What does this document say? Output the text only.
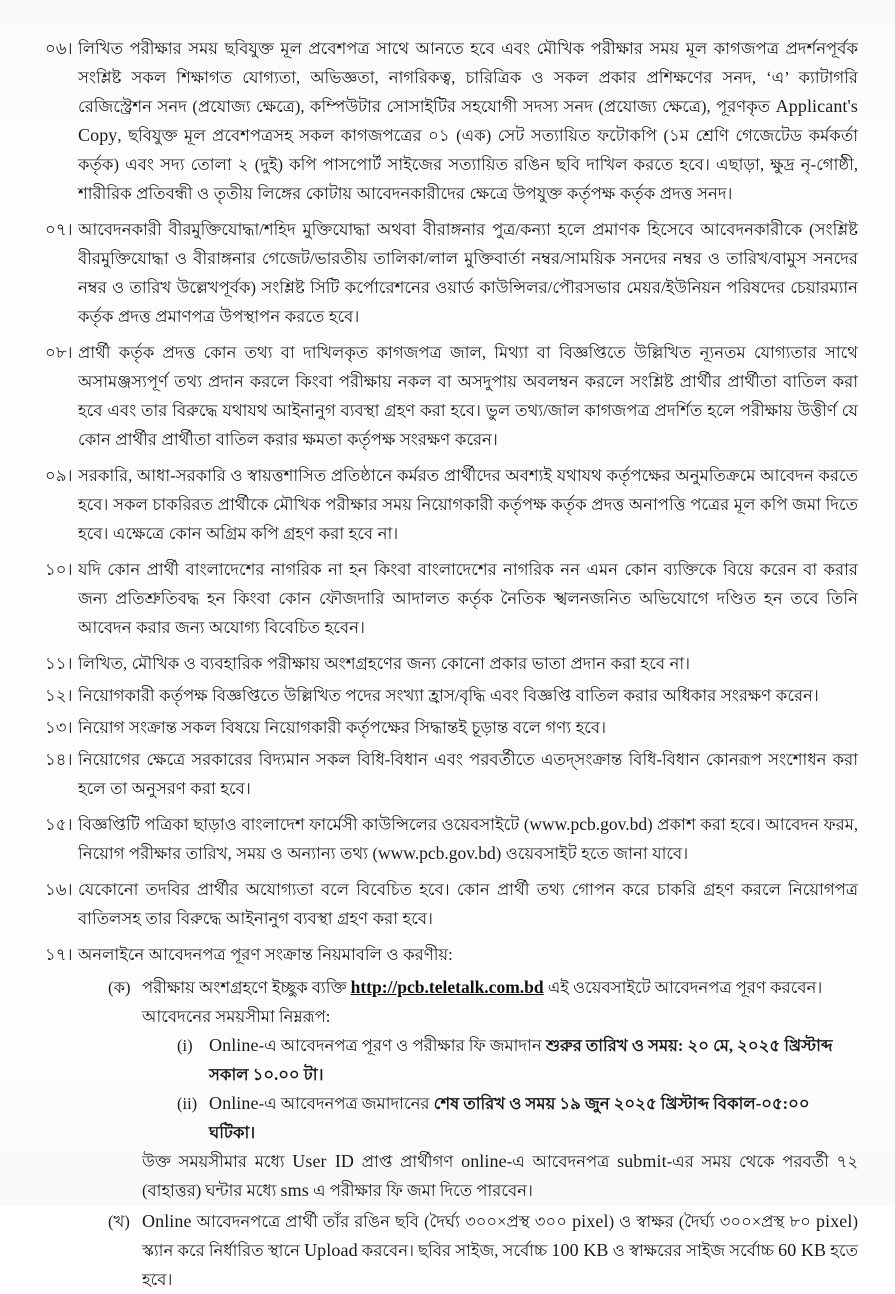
০৬। লিখিত পরীক্ষার সময় ছবিযুক্ত মূল প্রবেশপত্র সাথে আনতে হবে এবং মৌখিক পরীক্ষার সময় মূল কাগজপত্র প্রদর্শনপূর্বক সংশ্লিষ্ট সকল শিক্ষাগত যোগ্যতা, অভিজ্ঞতা, নাগরিকত্ব, চারিত্রিক ও সকল প্রকার প্রশিক্ষণের সনদ, ‘এ’ ক্যাটাগরি রেজিস্ট্রেশন সনদ (প্রযোজ্য ক্ষেত্রে), কম্পিউটার সোসাইটির সহযোগী সদস্য সনদ (প্রযোজ্য ক্ষেত্রে), পূরণকৃত Applicant's Copy, ছবিযুক্ত মূল প্রবেশপত্রসহ সকল কাগজপত্রের ০১ (এক) সেট সত্যায়িত ফটোকপি (১ম শ্রেণি গেজেটেড কর্মকর্তা কর্তৃক) এবং সদ্য তোলা ২ (দুই) কপি পাসপোর্ট সাইজের সত্যায়িত রঙিন ছবি দাখিল করতে হবে। এছাড়া, ক্ষুদ্র নৃ-গোষ্ঠী, শারীরিক প্রতিবন্ধী ও তৃতীয় লিঙ্গের কোটায় আবেদনকারীদের ক্ষেত্রে উপযুক্ত কর্তৃপক্ষ কর্তৃক প্রদত্ত সনদ।
০৭। আবেদনকারী বীরমুক্তিযোদ্ধা/শহিদ মুক্তিযোদ্ধা অথবা বীরাঙ্গনার পুত্র/কন্যা হলে প্রমাণক হিসেবে আবেদনকারীকে (সংশ্লিষ্ট বীরমুক্তিযোদ্ধা ও বীরাঙ্গনার গেজেট/ভারতীয় তালিকা/লাল মুক্তিবার্তা নম্বর/সাময়িক সনদের নম্বর ও তারিখ/বামুস সনদের নম্বর ও তারিখ উল্লেখপূর্বক) সংশ্লিষ্ট সিটি কর্পোরেশনের ওয়ার্ড কাউন্সিলর/পৌরসভার মেয়র/ইউনিয়ন পরিষদের চেয়ারম্যান কর্তৃক প্রদত্ত প্রমাণপত্র উপস্থাপন করতে হবে।
০৮। প্রার্থী কর্তৃক প্রদত্ত কোন তথ্য বা দাখিলকৃত কাগজপত্র জাল, মিথ্যা বা বিজ্ঞপ্তিতে উল্লিখিত ন্যূনতম যোগ্যতার সাথে অসামঞ্জস্যপূর্ণ তথ্য প্রদান করলে কিংবা পরীক্ষায় নকল বা অসদুপায় অবলম্বন করলে সংশ্লিষ্ট প্রার্থীর প্রার্থীতা বাতিল করা হবে এবং তার বিরুদ্ধে যথাযথ আইনানুগ ব্যবস্থা গ্রহণ করা হবে। ভুল তথ্য/জাল কাগজপত্র প্রদর্শিত হলে পরীক্ষায় উত্তীর্ণ যে কোন প্রার্থীর প্রার্থীতা বাতিল করার ক্ষমতা কর্তৃপক্ষ সংরক্ষণ করেন।
০৯। সরকারি, আধা-সরকারি ও স্বায়ত্তশাসিত প্রতিষ্ঠানে কর্মরত প্রার্থীদের অবশ্যই যথাযথ কর্তৃপক্ষের অনুমতিক্রমে আবেদন করতে হবে। সকল চাকরিরত প্রার্থীকে মৌখিক পরীক্ষার সময় নিয়োগকারী কর্তৃপক্ষ কর্তৃক প্রদত্ত অনাপত্তি পত্রের মূল কপি জমা দিতে হবে। এক্ষেত্রে কোন অগ্রিম কপি গ্রহণ করা হবে না।
১০। যদি কোন প্রার্থী বাংলাদেশের নাগরিক না হন কিংবা বাংলাদেশের নাগরিক নন এমন কোন ব্যক্তিকে বিয়ে করেন বা করার জন্য প্রতিশ্রুতিবদ্ধ হন কিংবা কোন ফৌজদারি আদালত কর্তৃক নৈতিক স্খলনজনিত অভিযোগে দণ্ডিত হন তবে তিনি আবেদন করার জন্য অযোগ্য বিবেচিত হবেন।
১১। লিখিত, মৌখিক ও ব্যবহারিক পরীক্ষায় অংশগ্রহণের জন্য কোনো প্রকার ভাতা প্রদান করা হবে না।
১২। নিয়োগকারী কর্তৃপক্ষ বিজ্ঞপ্তিতে উল্লিখিত পদের সংখ্যা হ্রাস/বৃদ্ধি এবং বিজ্ঞপ্তি বাতিল করার অধিকার সংরক্ষণ করেন।
১৩। নিয়োগ সংক্রান্ত সকল বিষয়ে নিয়োগকারী কর্তৃপক্ষের সিদ্ধান্তই চূড়ান্ত বলে গণ্য হবে।
১৪। নিয়োগের ক্ষেত্রে সরকারের বিদ্যমান সকল বিধি-বিধান এবং পরবর্তীতে এতদ্‌সংক্রান্ত বিধি-বিধান কোনরূপ সংশোধন করা হলে তা অনুসরণ করা হবে।
১৫। বিজ্ঞপ্তিটি পত্রিকা ছাড়াও বাংলাদেশ ফার্মেসী কাউন্সিলের ওয়েবসাইটে (www.pcb.gov.bd) প্রকাশ করা হবে। আবেদন ফরম, নিয়োগ পরীক্ষার তারিখ, সময় ও অন্যান্য তথ্য (www.pcb.gov.bd) ওয়েবসাইট হতে জানা যাবে।
১৬। যেকোনো তদবির প্রার্থীর অযোগ্যতা বলে বিবেচিত হবে। কোন প্রার্থী তথ্য গোপন করে চাকরি গ্রহণ করলে নিয়োগপত্র বাতিলসহ তার বিরুদ্ধে আইনানুগ ব্যবস্থা গ্রহণ করা হবে।
১৭। অনলাইনে আবেদনপত্র পূরণ সংক্রান্ত নিয়মাবলি ও করণীয়:
(ক) পরীক্ষায় অংশগ্রহণে ইচ্ছুক ব্যক্তি http://pcb.teletalk.com.bd এই ওয়েবসাইটে আবেদনপত্র পূরণ করবেন। আবেদনের সময়সীমা নিম্নরূপ:
(i) Online-এ আবেদনপত্র পূরণ ও পরীক্ষার ফি জমাদান শুরুর তারিখ ও সময়: ২০ মে, ২০২৫ খ্রিস্টাব্দ সকাল ১০.০০ টা।
(ii) Online-এ আবেদনপত্র জমাদানের শেষ তারিখ ও সময় ১৯ জুন ২০২৫ খ্রিস্টাব্দ বিকাল-০৫:০০ ঘটিকা।
উক্ত সময়সীমার মধ্যে User ID প্রাপ্ত প্রার্থীগণ online-এ আবেদনপত্র submit-এর সময় থেকে পরবর্তী ৭২ (বাহাত্তর) ঘন্টার মধ্যে sms এ পরীক্ষার ফি জমা দিতে পারবেন।
(খ) Online আবেদনপত্রে প্রার্থী তাঁর রঙিন ছবি (দৈর্ঘ্য ৩০০×প্রস্থ ৩০০ pixel) ও স্বাক্ষর (দৈর্ঘ্য ৩০০×প্রস্থ ৮০ pixel) স্ক্যান করে নির্ধারিত স্থানে Upload করবেন। ছবির সাইজ, সর্বোচ্চ 100 KB ও স্বাক্ষরের সাইজ সর্বোচ্চ 60 KB হতে হবে।
